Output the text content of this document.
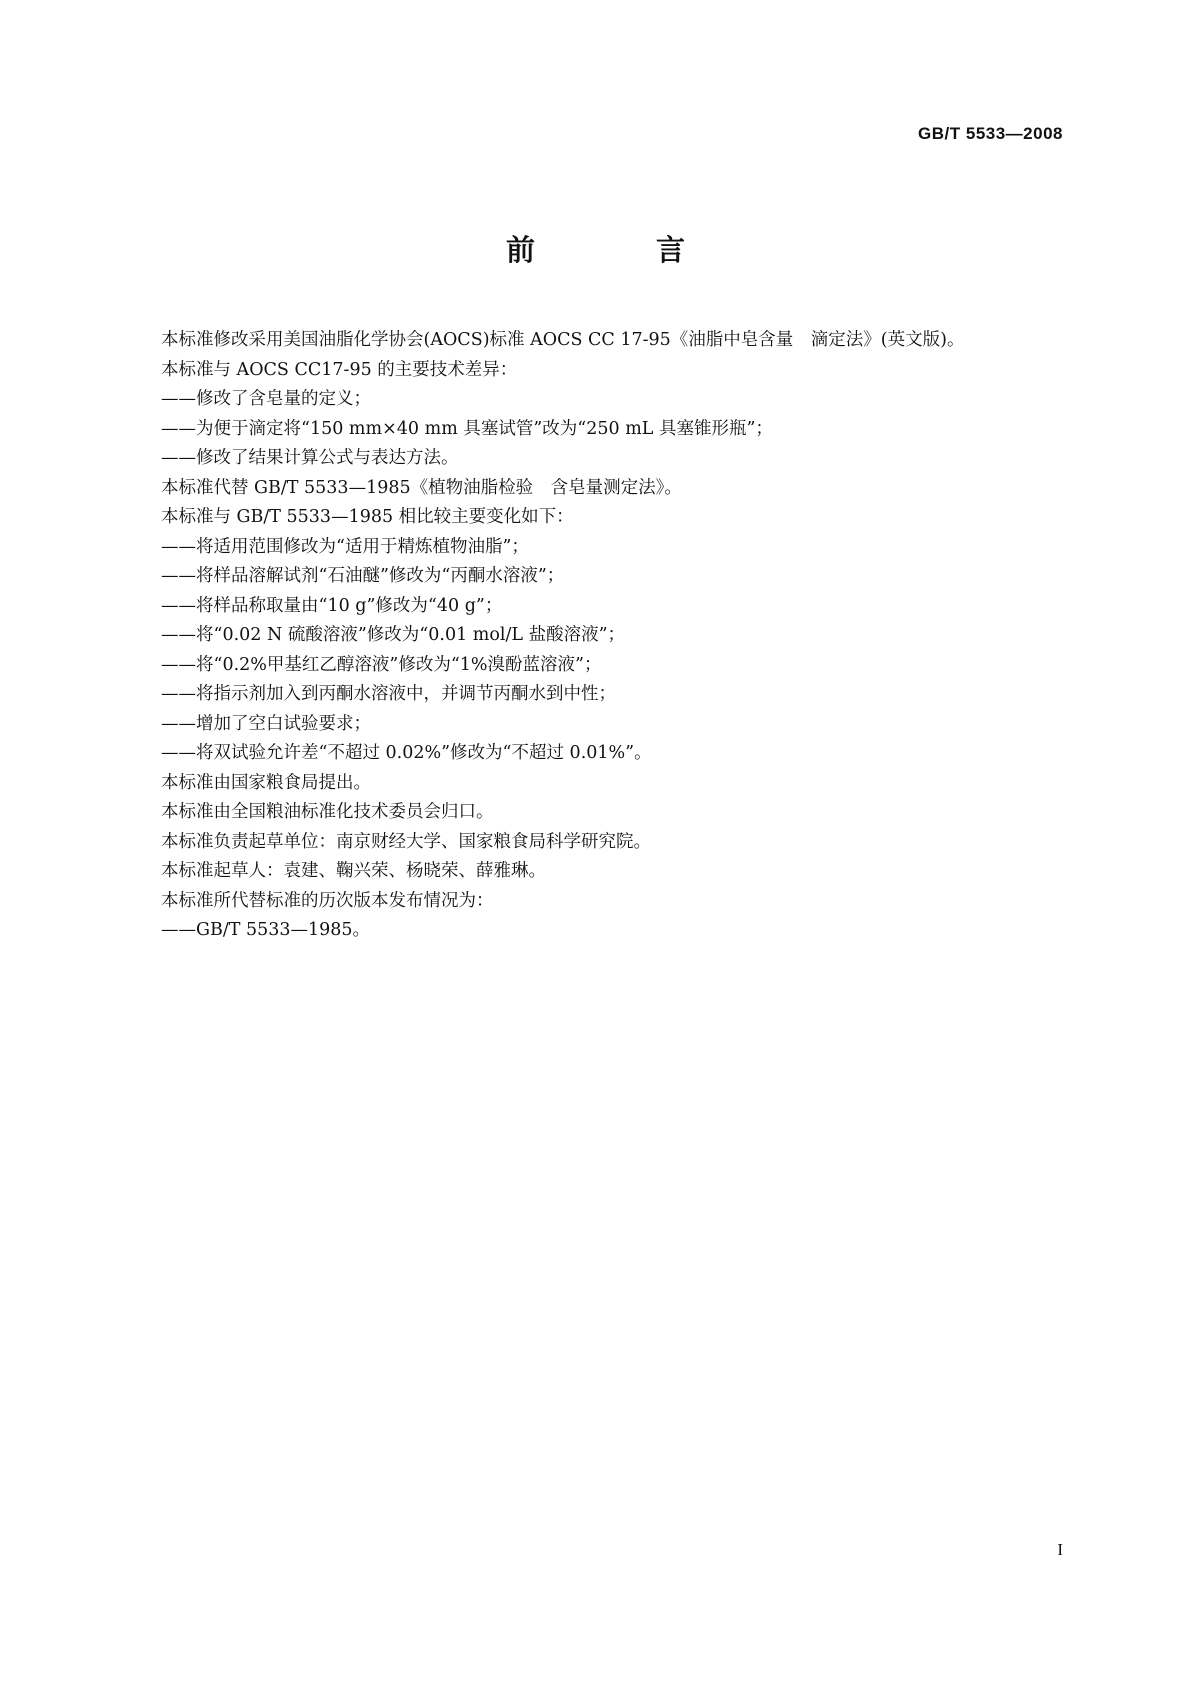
GB/T 5533—2008
前　言

本标准修改采用美国油脂化学协会(AOCS)标准 AOCS CC 17-95《油脂中皂含量　滴定法》(英文版)。

本标准与 AOCS CC17-95 的主要技术差异：

——修改了含皂量的定义；

——为便于滴定将“150 mm×40 mm 具塞试管”改为“250 mL 具塞锥形瓶”；

——修改了结果计算公式与表达方法。

本标准代替 GB/T 5533—1985《植物油脂检验　含皂量测定法》。

本标准与 GB/T 5533—1985 相比较主要变化如下：

——将适用范围修改为“适用于精炼植物油脂”；

——将样品溶解试剂“石油醚”修改为“丙酮水溶液”；

——将样品称取量由“10 g”修改为“40 g”；

——将“0.02 N 硫酸溶液”修改为“0.01 mol/L 盐酸溶液”；

——将“0.2%甲基红乙醇溶液”修改为“1%溴酚蓝溶液”；

——将指示剂加入到丙酮水溶液中，并调节丙酮水到中性；

——增加了空白试验要求；

——将双试验允许差“不超过 0.02%”修改为“不超过 0.01%”。

本标准由国家粮食局提出。

本标准由全国粮油标准化技术委员会归口。

本标准负责起草单位：南京财经大学、国家粮食局科学研究院。

本标准起草人：袁建、鞠兴荣、杨晓荣、薛雅琳。

本标准所代替标准的历次版本发布情况为：

——GB/T 5533—1985。

I
